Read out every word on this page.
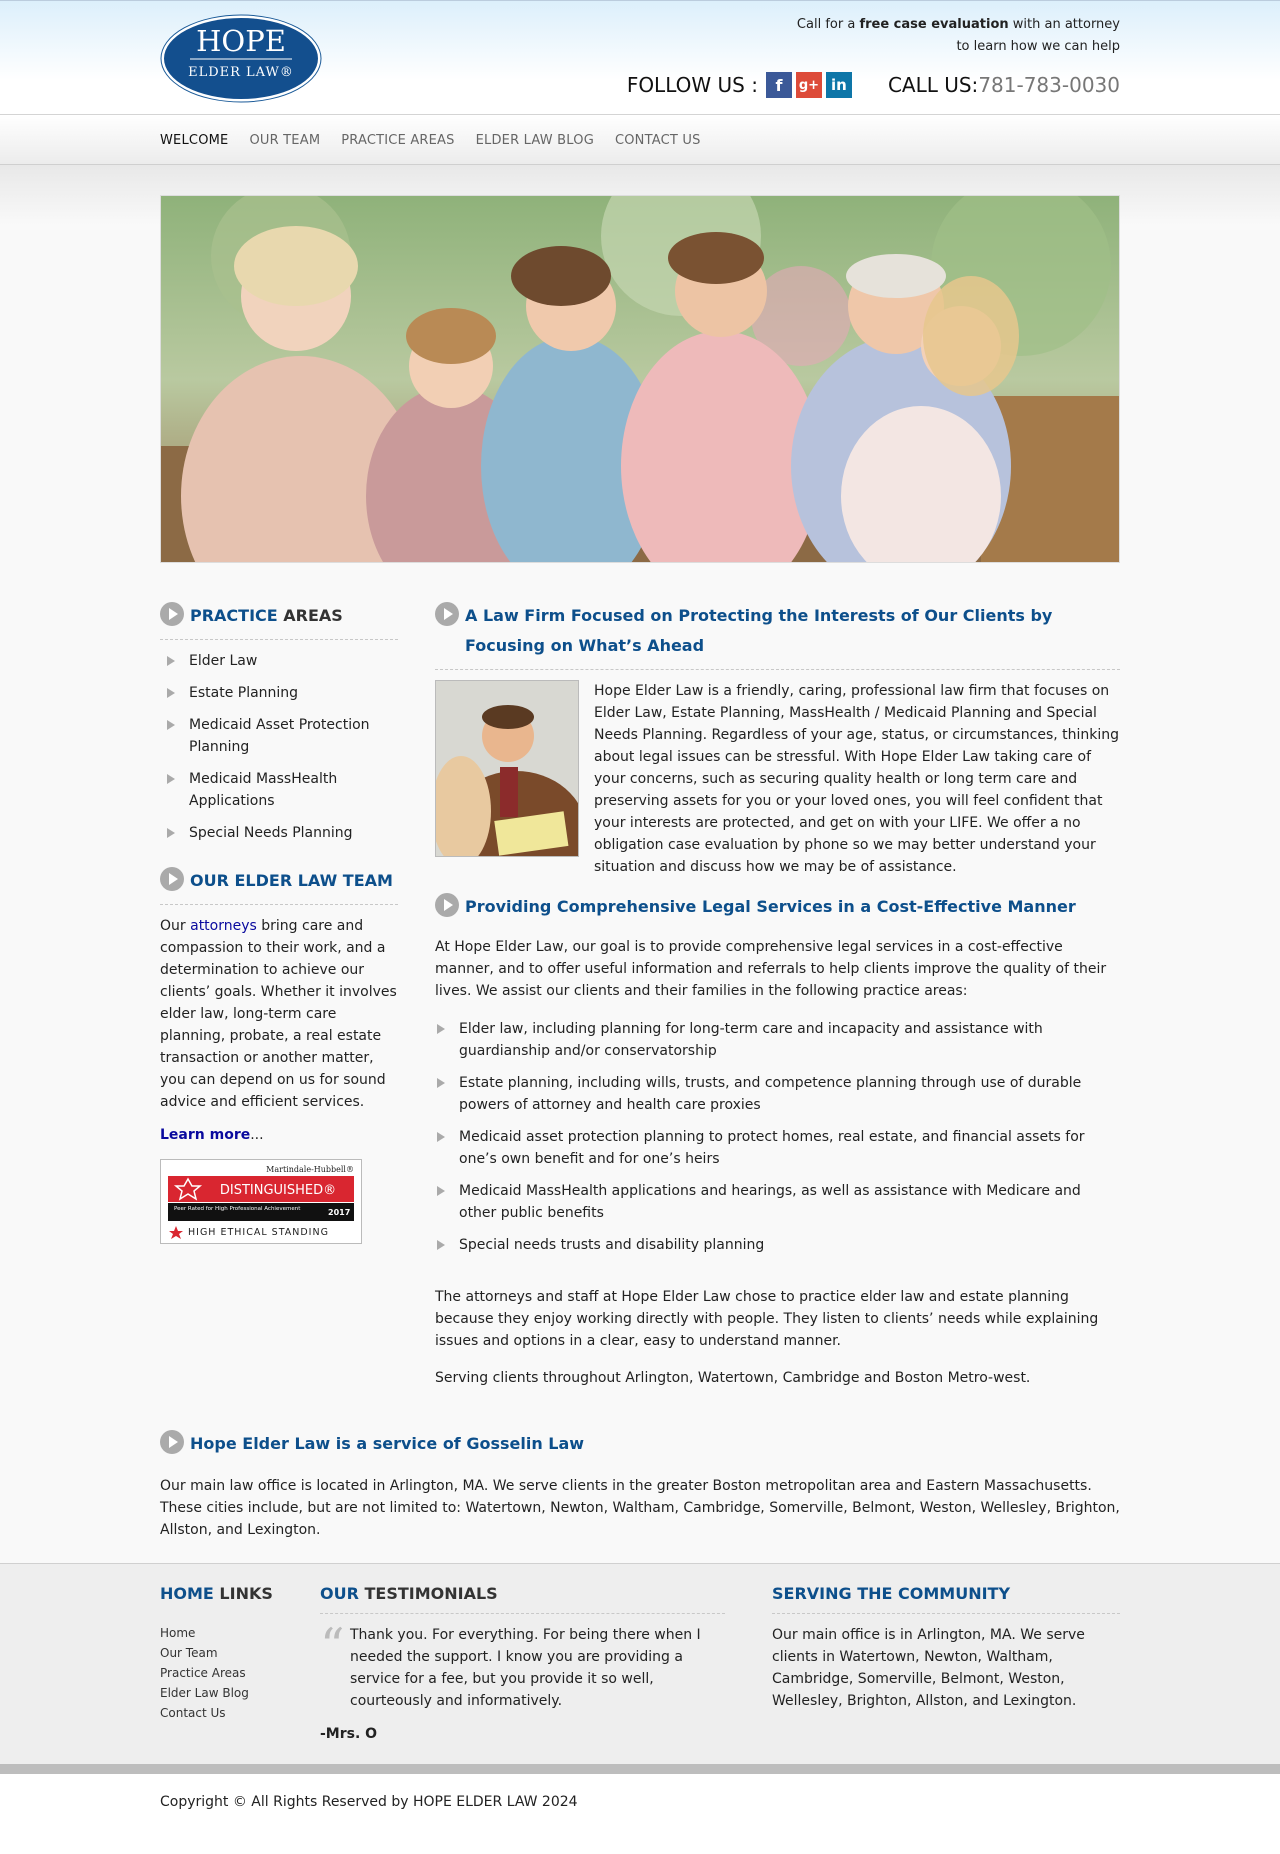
HOPE
ELDER LAW®
Call for a free case evaluation with an attorney
to learn how we can help
FOLLOW US :	f	g+ in CALL US: 781-783-0030
WELCOME OUR TEAM PRACTICE AREAS ELDER LAW BLOG CONTACT US
PRACTICE AREAS
Elder Law
Estate Planning
Medicaid Asset Protection Planning
Medicaid MassHealth Applications
Special Needs Planning
OUR ELDER LAW TEAM

Our attorneys bring care and compassion to their work, and a determination to achieve our clients’ goals. Whether it involves elder law, long-term care planning, probate, a real estate transaction or another matter, you can depend on us for sound advice and efficient services.

Learn more...
Martindale-Hubbell®
DISTINGUISHED®
Peer Rated for High Professional Achievement	2017
HIGH ETHICAL STANDING
A Law Firm Focused on Protecting the Interests of Our Clients by Focusing on What’s Ahead

Hope Elder Law is a friendly, caring, professional law firm that focuses on Elder Law, Estate Planning, MassHealth / Medicaid Planning and Special Needs Planning. Regardless of your age, status, or circumstances, thinking about legal issues can be stressful. With Hope Elder Law taking care of your concerns, such as securing quality health or long term care and preserving assets for you or your loved ones, you will feel confident that your interests are protected, and get on with your LIFE. We offer a no obligation case evaluation by phone so we may better understand your situation and discuss how we may be of assistance.

Providing Comprehensive Legal Services in a Cost-Effective Manner

At Hope Elder Law, our goal is to provide comprehensive legal services in a cost-effective manner, and to offer useful information and referrals to help clients improve the quality of their lives. We assist our clients and their families in the following practice areas:

Elder law, including planning for long-term care and incapacity and assistance with guardianship and/or conservatorship
Estate planning, including wills, trusts, and competence planning through use of durable powers of attorney and health care proxies
Medicaid asset protection planning to protect homes, real estate, and financial assets for one’s own benefit and for one’s heirs
Medicaid MassHealth applications and hearings, as well as assistance with Medicare and other public benefits
Special needs trusts and disability planning

The attorneys and staff at Hope Elder Law chose to practice elder law and estate planning because they enjoy working directly with people. They listen to clients’ needs while explaining issues and options in a clear, easy to understand manner.

Serving clients throughout Arlington, Watertown, Cambridge and Boston Metro-west.

Hope Elder Law is a service of Gosselin Law

Our main law office is located in Arlington, MA. We serve clients in the greater Boston metropolitan area and Eastern Massachusetts. These cities include, but are not limited to: Watertown, Newton, Waltham, Cambridge, Somerville, Belmont, Weston, Wellesley, Brighton, Allston, and Lexington.

HOME LINKS
Home
Our Team
Practice Areas
Elder Law Blog
Contact Us
OUR TESTIMONIALS
“ Thank you. For everything. For being there when I needed the support. I know you are providing a service for a fee, but you provide it so well, courteously and informatively.

-Mrs. O
SERVING THE COMMUNITY

Our main office is in Arlington, MA. We serve clients in Watertown, Newton, Waltham, Cambridge, Somerville, Belmont, Weston, Wellesley, Brighton, Allston, and Lexington.

Copyright © All Rights Reserved by HOPE ELDER LAW 2024
